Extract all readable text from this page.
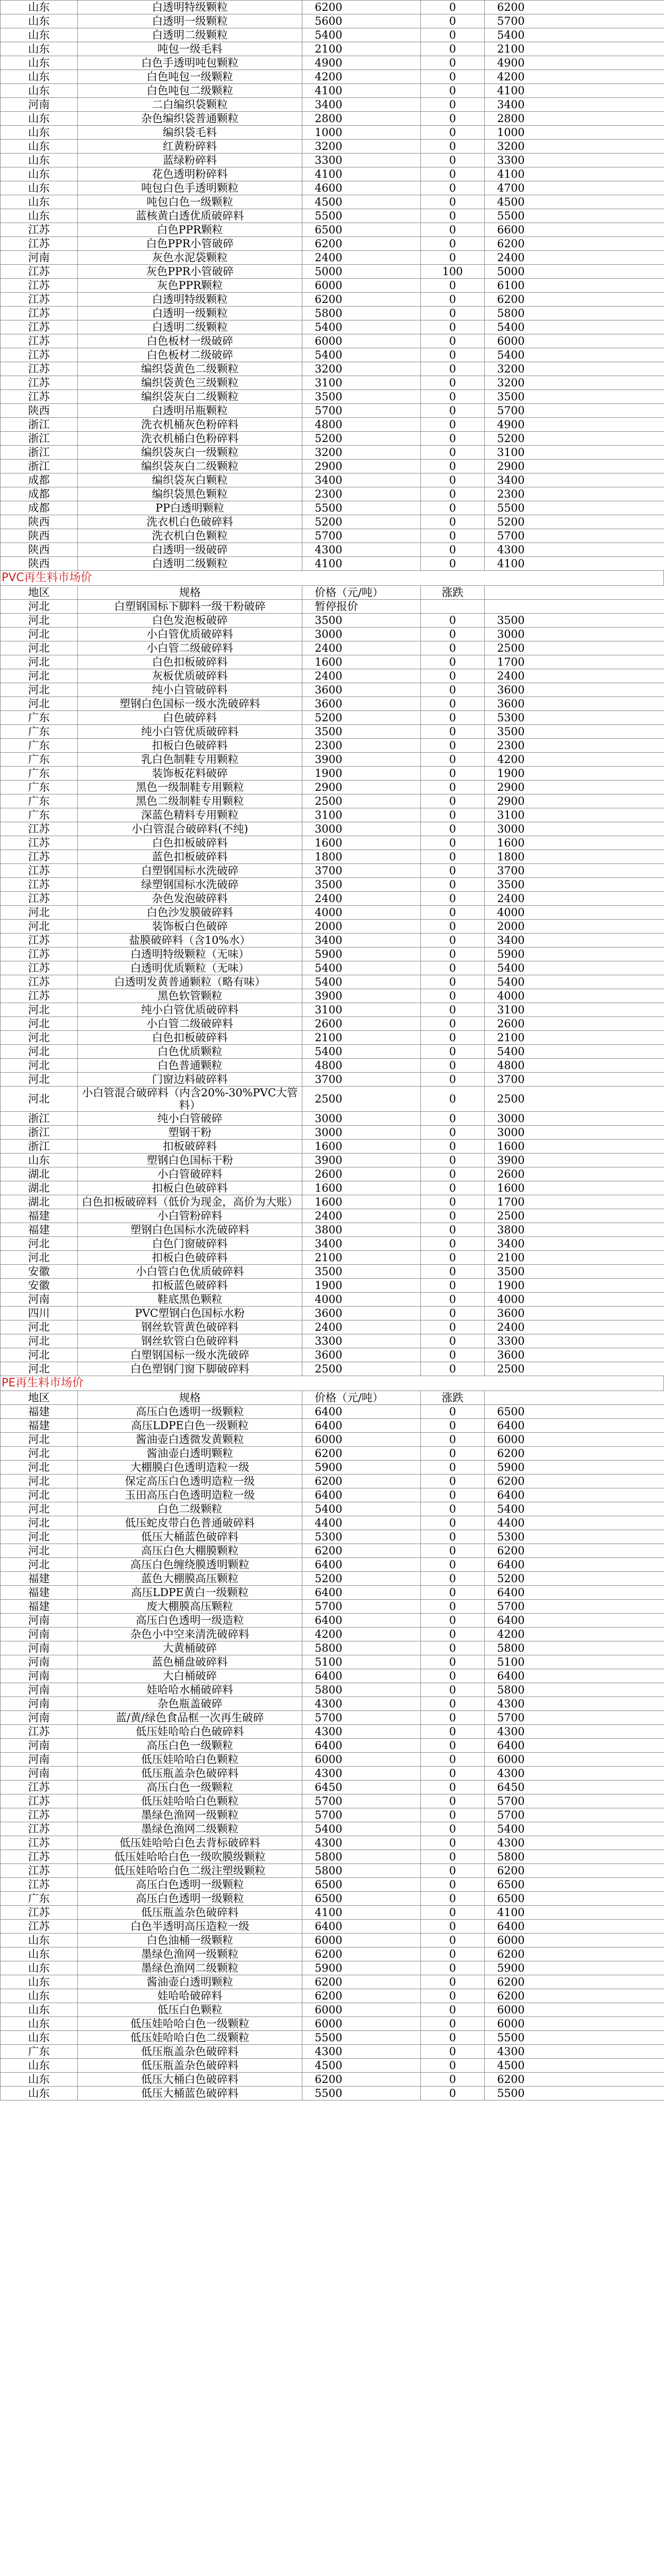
山东	白透明特级颗粒	6200	0	6200	
山东	白透明一级颗粒	5600	0	5700	
山东	白透明二级颗粒	5400	0	5400	
山东	吨包一级毛料	2100	0	2100	
山东	白色手透明吨包颗粒	4900	0	4900	
山东	白色吨包一级颗粒	4200	0	4200	
山东	白色吨包二级颗粒	4100	0	4100	
河南	二白编织袋颗粒	3400	0	3400	
山东	杂色编织袋普通颗粒	2800	0	2800	
山东	编织袋毛料	1000	0	1000	
山东	红黄粉碎料	3200	0	3200	
山东	蓝绿粉碎料	3300	0	3300	
山东	花色透明粉碎料	4100	0	4100	
山东	吨包白色手透明颗粒	4600	0	4700	
山东	吨包白色一级颗粒	4500	0	4500	
山东	蓝核黄白透优质破碎料	5500	0	5500	
江苏	白色PPR颗粒	6500	0	6600	
江苏	白色PPR小管破碎	6200	0	6200	
河南	灰色水泥袋颗粒	2400	0	2400	
江苏	灰色PPR小管破碎	5000	100	5000	
江苏	灰色PPR颗粒	6000	0	6100	
江苏	白透明特级颗粒	6200	0	6200	
江苏	白透明一级颗粒	5800	0	5800	
江苏	白透明二级颗粒	5400	0	5400	
江苏	白色板材一级破碎	6000	0	6000	
江苏	白色板材二级破碎	5400	0	5400	
江苏	编织袋黄色二级颗粒	3200	0	3200	
江苏	编织袋黄色三级颗粒	3100	0	3200	
江苏	编织袋灰白二级颗粒	3500	0	3500	
陕西	白透明吊瓶颗粒	5700	0	5700	
浙江	洗衣机桶灰色粉碎料	4800	0	4900	
浙江	洗衣机桶白色粉碎料	5200	0	5200	
浙江	编织袋灰白一级颗粒	3200	0	3100	
浙江	编织袋灰白二级颗粒	2900	0	2900	
成都	编织袋灰白颗粒	3400	0	3400	
成都	编织袋黑色颗粒	2300	0	2300	
成都	PP白透明颗粒	5500	0	5500	
陕西	洗衣机白色破碎料	5200	0	5200	
陕西	洗衣机白色颗粒	5700	0	5700	
陕西	白透明一级破碎	4300	0	4300	
陕西	白透明二级颗粒	4100	0	4100	
PVC再生料市场价
地区	规格	价格（元/吨）	涨跌		
河北	白塑钢国标下脚料一级干粉破碎	暂停报价			
河北	白色发泡板破碎	3500	0	3500	
河北	小白管优质破碎料	3000	0	3000	
河北	小白管二级破碎料	2400	0	2500	
河北	白色扣板破碎料	1600	0	1700	
河北	灰板优质破碎料	2400	0	2400	
河北	纯小白管破碎料	3600	0	3600	
河北	塑钢白色国标一级水洗破碎料	3600	0	3600	
广东	白色破碎料	5200	0	5300	
广东	纯小白管优质破碎料	3500	0	3500	
广东	扣板白色破碎料	2300	0	2300	
广东	乳白色制鞋专用颗粒	3900	0	4200	
广东	装饰板花料破碎	1900	0	1900	
广东	黑色一级制鞋专用颗粒	2900	0	2900	
广东	黑色二级制鞋专用颗粒	2500	0	2900	
广东	深蓝色精料专用颗粒	3100	0	3100	
江苏	小白管混合破碎料(不纯)	3000	0	3000	
江苏	白色扣板破碎料	1600	0	1600	
江苏	蓝色扣板破碎料	1800	0	1800	
江苏	白塑钢国标水洗破碎	3700	0	3700	
江苏	绿塑钢国标水洗破碎	3500	0	3500	
江苏	杂色发泡破碎料	2400	0	2400	
河北	白色沙发膜破碎料	4000	0	4000	
河北	装饰板白色破碎	2000	0	2000	
江苏	盐膜破碎料（含10%水）	3400	0	3400	
江苏	白透明特级颗粒（无味）	5900	0	5900	
江苏	白透明优质颗粒（无味）	5400	0	5400	
江苏	白透明发黄普通颗粒（略有味）	5400	0	5400	
江苏	黑色软管颗粒	3900	0	4000	
河北	纯小白管优质破碎料	3100	0	3100	
河北	小白管二级破碎料	2600	0	2600	
河北	白色扣板破碎料	2100	0	2100	
河北	白色优质颗粒	5400	0	5400	
河北	白色普通颗粒	4800	0	4800	
河北	门窗边料破碎料	3700	0	3700	
河北	小白管混合破碎料（内含20%-30%PVC大管料）	2500	0	2500	
浙江	纯小白管破碎	3000	0	3000	
浙江	塑钢干粉	3000	0	3000	
浙江	扣板破碎料	1600	0	1600	
山东	塑钢白色国标干粉	3900	0	3900	
湖北	小白管破碎料	2600	0	2600	
湖北	扣板白色破碎料	1600	0	1600	
湖北	白色扣板破碎料（低价为现金，高价为大账）	1600	0	1700	
福建	小白管粉碎料	2400	0	2500	
福建	塑钢白色国标水洗破碎料	3800	0	3800	
河北	白色门窗破碎料	3400	0	3400	
河北	扣板白色破碎料	2100	0	2100	
安徽	小白管白色优质破碎料	3500	0	3500	
安徽	扣板蓝色破碎料	1900	0	1900	
河南	鞋底黑色颗粒	4000	0	4000	
四川	PVC塑钢白色国标水粉	3600	0	3600	
河北	钢丝软管黄色破碎料	2400	0	2400	
河北	钢丝软管白色破碎料	3300	0	3300	
河北	白塑钢国标一级水洗破碎	3600	0	3600	
河北	白色塑钢门窗下脚破碎料	2500	0	2500	
PE再生料市场价
地区	规格	价格（元/吨）	涨跌		
福建	高压白色透明一级颗粒	6400	0	6500	
福建	高压LDPE白色一级颗粒	6400	0	6400	
河北	酱油壶白透微发黄颗粒	6000	0	6000	
河北	酱油壶白透明颗粒	6200	0	6200	
河北	大棚膜白色透明造粒一级	5900	0	5900	
河北	保定高压白色透明造粒一级	6200	0	6200	
河北	玉田高压白色透明造粒一级	6400	0	6400	
河北	白色二级颗粒	5400	0	5400	
河北	低压蛇皮带白色普通破碎料	4400	0	4400	
河北	低压大桶蓝色破碎料	5300	0	5300	
河北	高压白色大棚膜颗粒	6200	0	6200	
河北	高压白色缠绕膜透明颗粒	6400	0	6400	
福建	蓝色大棚膜高压颗粒	5200	0	5200	
福建	高压LDPE黄白一级颗粒	6400	0	6400	
福建	废大棚膜高压颗粒	5700	0	5700	
河南	高压白色透明一级造粒	6400	0	6400	
河南	杂色小中空来清洗破碎料	4200	0	4200	
河南	大黄桶破碎	5800	0	5800	
河南	蓝色桶盘破碎料	5100	0	5100	
河南	大白桶破碎	6400	0	6400	
河南	娃哈哈水桶破碎料	5800	0	5800	
河南	杂色瓶盖破碎	4300	0	4300	
河南	蓝/黄/绿色食品框一次再生破碎	5700	0	5700	
江苏	低压娃哈哈白色破碎料	4300	0	4300	
河南	高压白色一级颗粒	6400	0	6400	
河南	低压娃哈哈白色颗粒	6000	0	6000	
河南	低压瓶盖杂色破碎料	4300	0	4300	
江苏	高压白色一级颗粒	6450	0	6450	
江苏	低压娃哈哈白色颗粒	5700	0	5700	
江苏	墨绿色渔网一级颗粒	5700	0	5700	
江苏	墨绿色渔网二级颗粒	5400	0	5400	
江苏	低压娃哈哈白色去背标破碎料	4300	0	4300	
江苏	低压娃哈哈白色一级吹膜级颗粒	5800	0	5800	
江苏	低压娃哈哈白色二级注塑级颗粒	5800	0	6200	
江苏	高压白色透明一级颗粒	6500	0	6500	
广东	高压白色透明一级颗粒	6500	0	6500	
江苏	低压瓶盖杂色破碎料	4100	0	4100	
江苏	白色半透明高压造粒一级	6400	0	6400	
山东	白色油桶一级颗粒	6000	0	6000	
山东	墨绿色渔网一级颗粒	6200	0	6200	
山东	墨绿色渔网二级颗粒	5900	0	5900	
山东	酱油壶白透明颗粒	6200	0	6200	
山东	娃哈哈破碎料	6200	0	6200	
山东	低压白色颗粒	6000	0	6000	
山东	低压娃哈哈白色一级颗粒	6000	0	6000	
山东	低压娃哈哈白色二级颗粒	5500	0	5500	
广东	低压瓶盖杂色破碎料	4300	0	4300	
山东	低压瓶盖杂色破碎料	4500	0	4500	
山东	低压大桶白色破碎料	6200	0	6200	
山东	低压大桶蓝色破碎料	5500	0	5500	
